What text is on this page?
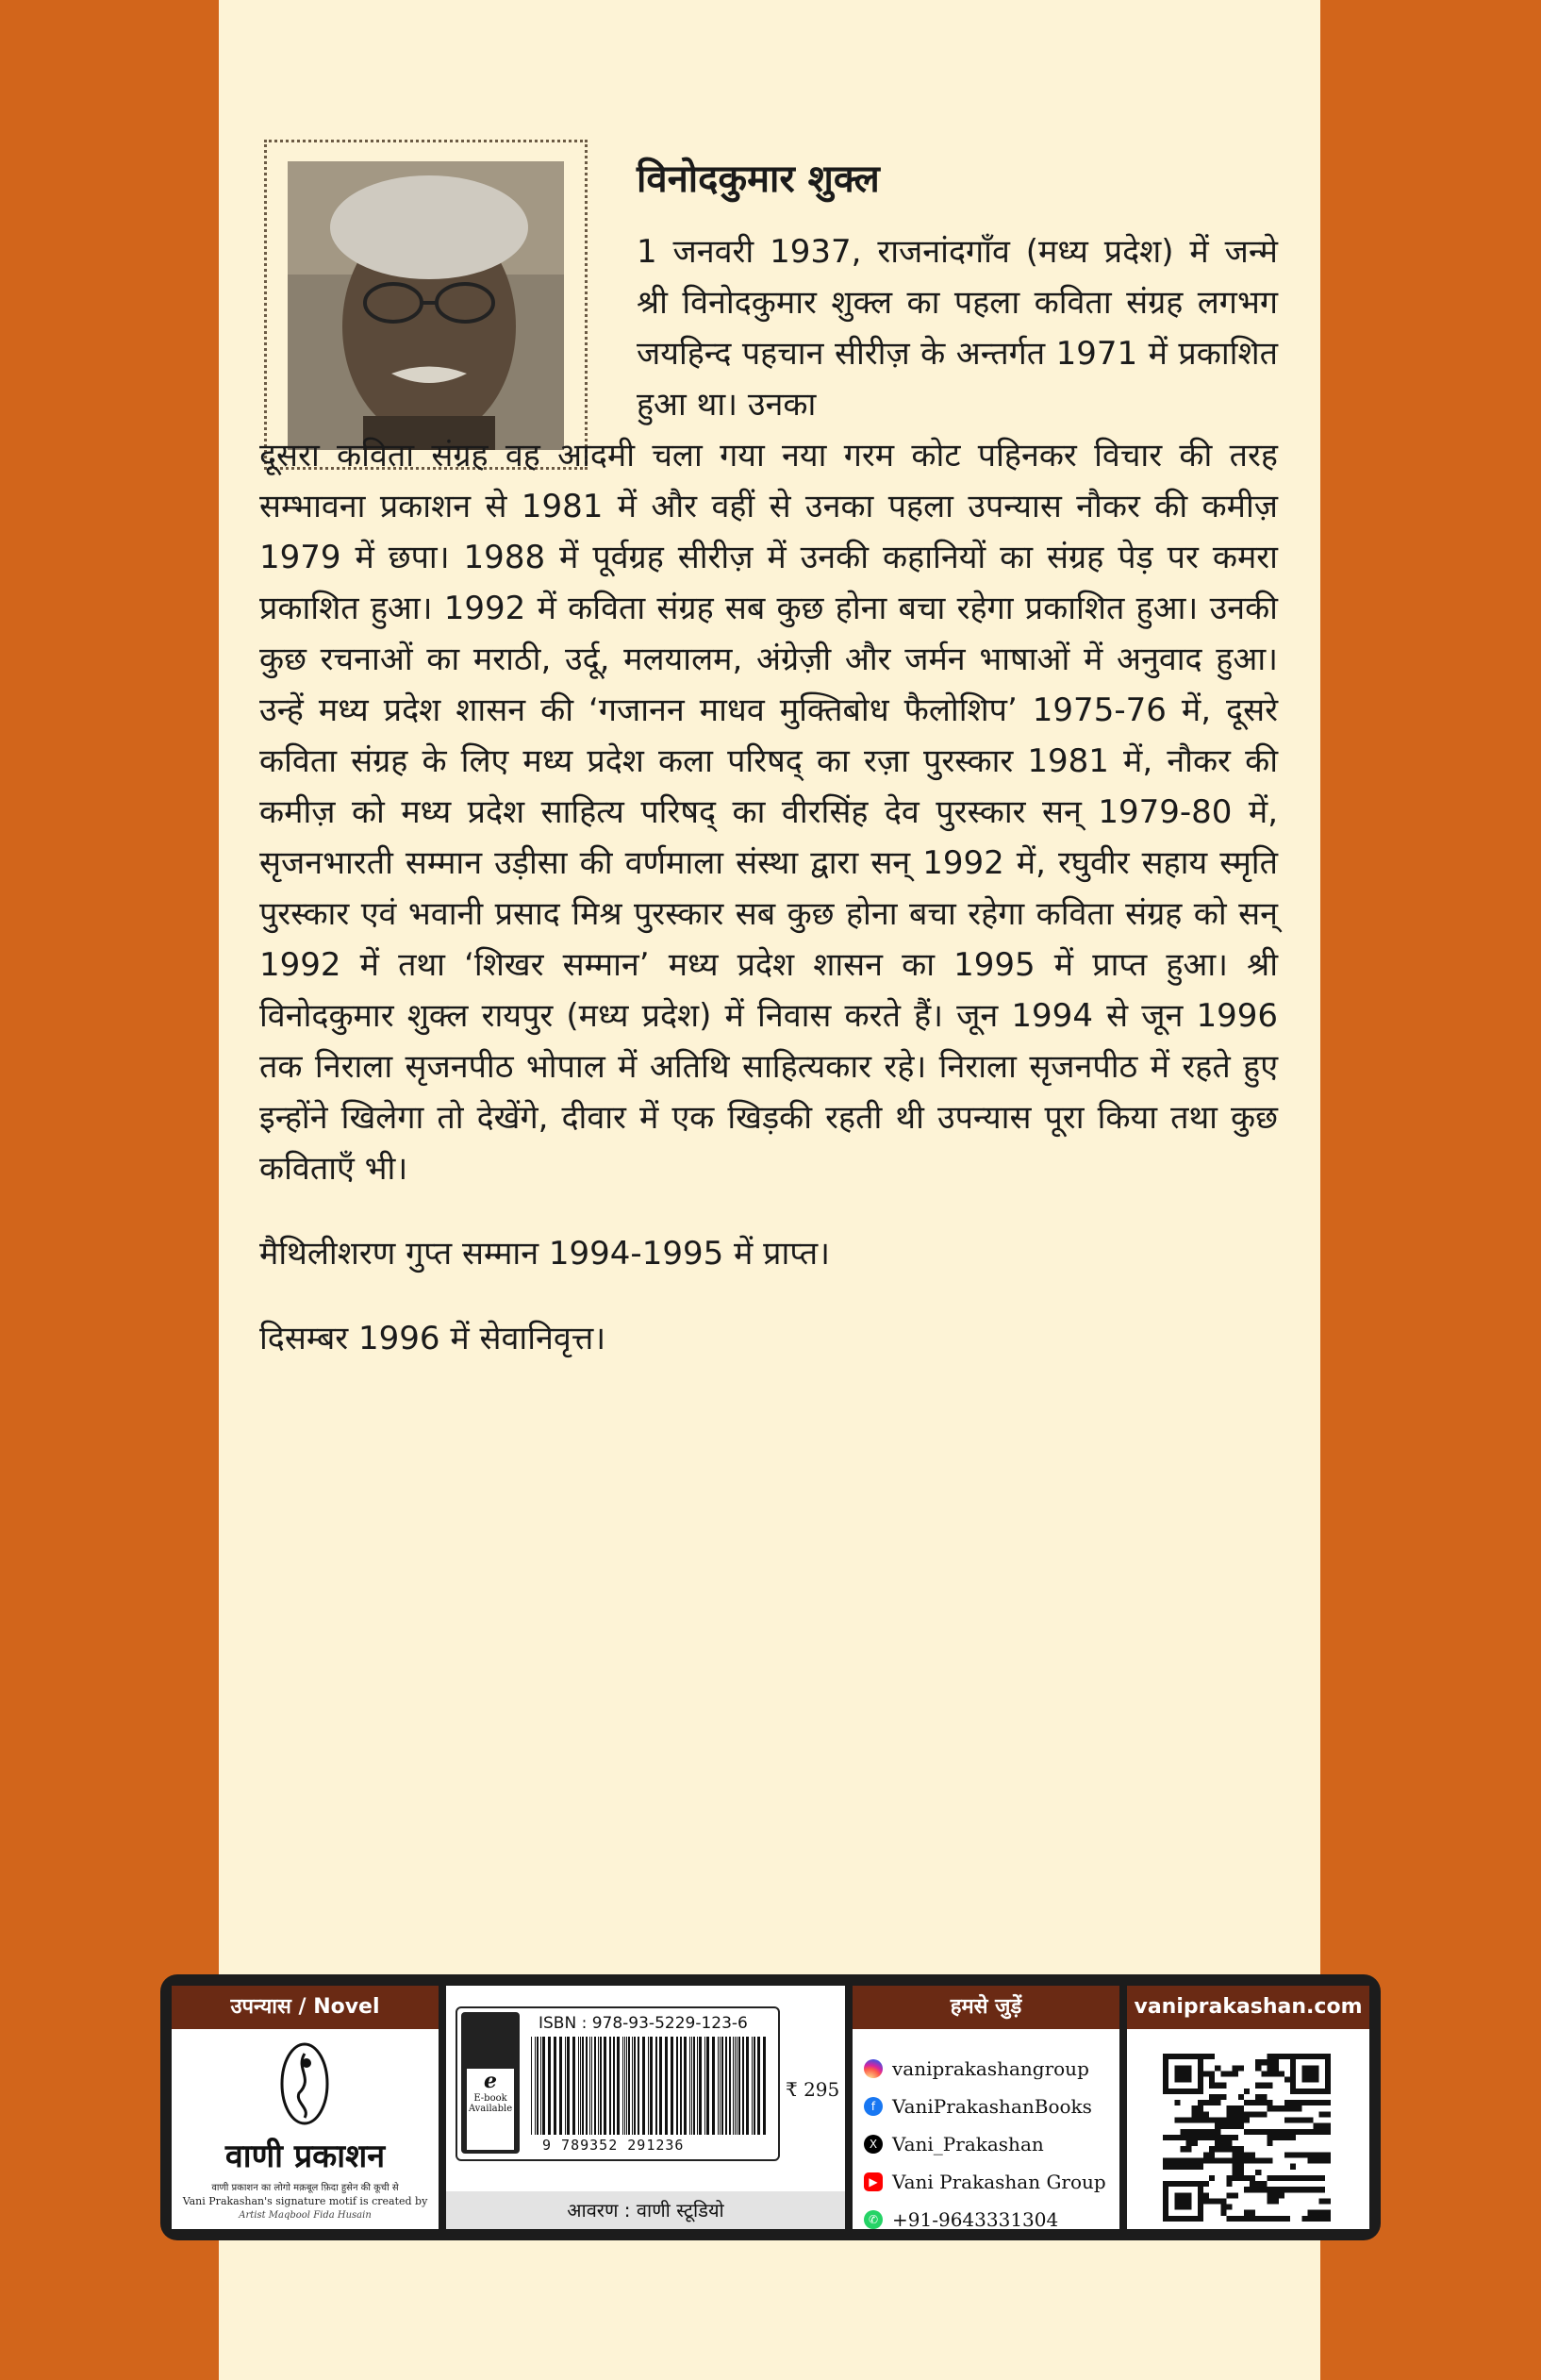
विनोदकुमार शुक्ल

1 जनवरी 1937, राजनांदगाँव (मध्य प्रदेश) में जन्मे श्री विनोदकुमार शुक्ल का पहला कविता संग्रह लगभग जयहिन्द पहचान सीरीज़ के अन्तर्गत 1971 में प्रकाशित हुआ था। उनका

दूसरा कविता संग्रह वह आदमी चला गया नया गरम कोट पहिनकर विचार की तरह सम्भावना प्रकाशन से 1981 में और वहीं से उनका पहला उपन्यास नौकर की कमीज़ 1979 में छपा। 1988 में पूर्वग्रह सीरीज़ में उनकी कहानियों का संग्रह पेड़ पर कमरा प्रकाशित हुआ। 1992 में कविता संग्रह सब कुछ होना बचा रहेगा प्रकाशित हुआ। उनकी कुछ रचनाओं का मराठी, उर्दू, मलयालम, अंग्रेज़ी और जर्मन भाषाओं में अनुवाद हुआ। उन्हें मध्य प्रदेश शासन की ‘गजानन माधव मुक्तिबोध फैलोशिप’ 1975-76 में, दूसरे कविता संग्रह के लिए मध्य प्रदेश कला परिषद् का रज़ा पुरस्कार 1981 में, नौकर की कमीज़ को मध्य प्रदेश साहित्य परिषद् का वीरसिंह देव पुरस्कार सन् 1979-80 में, सृजनभारती सम्मान उड़ीसा की वर्णमाला संस्था द्वारा सन् 1992 में, रघुवीर सहाय स्मृति पुरस्कार एवं भवानी प्रसाद मिश्र पुरस्कार सब कुछ होना बचा रहेगा कविता संग्रह को सन् 1992 में तथा ‘शिखर सम्मान’ मध्य प्रदेश शासन का 1995 में प्राप्त हुआ। श्री विनोदकुमार शुक्ल रायपुर (मध्य प्रदेश) में निवास करते हैं। जून 1994 से जून 1996 तक निराला सृजनपीठ भोपाल में अतिथि साहित्यकार रहे। निराला सृजनपीठ में रहते हुए इन्होंने खिलेगा तो देखेंगे, दीवार में एक खिड़की रहती थी उपन्यास पूरा किया तथा कुछ कविताएँ भी।

मैथिलीशरण गुप्त सम्मान 1994-1995 में प्राप्त।

दिसम्बर 1996 में सेवानिवृत्त।

उपन्यास / Novel
वाणी प्रकाशन
वाणी प्रकाशन का लोगो मक़बूल फ़िदा हुसेन की कूची से
Vani Prakashan's signature motif is created by
Artist Maqbool Fida Husain
e
E-book Available
ISBN : 978-93-5229-123-6
9 789352 291236
₹ 295
आवरण : वाणी स्टूडियो
हमसे जुड़ें
vaniprakashangroup
f VaniPrakashanBooks
X Vani_Prakashan
▶ Vani Prakashan Group
✆ +91-9643331304
vaniprakashan.com
